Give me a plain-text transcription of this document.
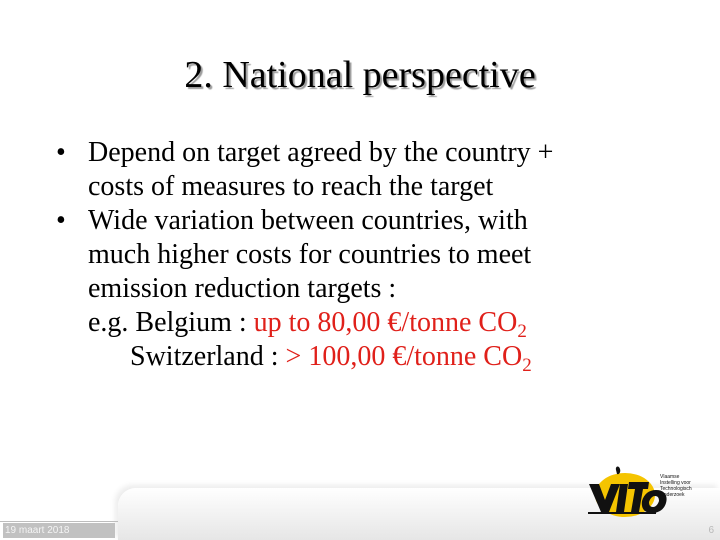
2. National perspective
• Depend on target agreed by the country +
costs of measures to reach the target
• Wide variation between countries, with
much higher costs for countries to meet
emission reduction targets :
e.g. Belgium : up to 80,00 €/tonne $CO_2$
Switzerland : > 100,00 €/tonne $CO_2$
19 maart 2018	6
Vlaamse
Instelling voor
Technologisch
Onderzoek
